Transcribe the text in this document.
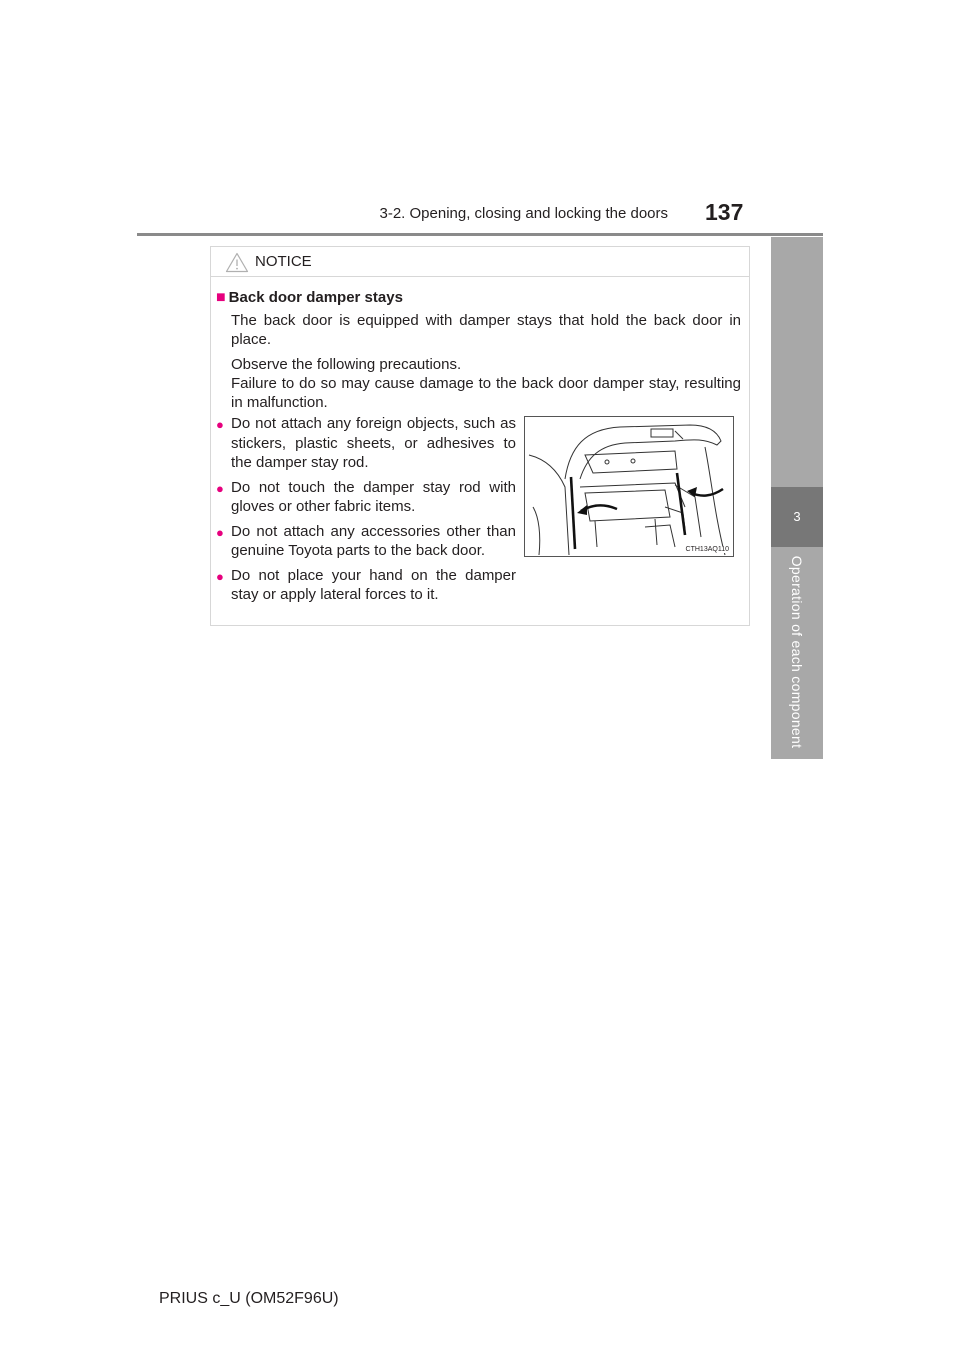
3-2. Opening, closing and locking the doors 137
3
Operation of each component
NOTICE
■ Back door damper stays
The back door is equipped with damper stays that hold the back door in place.
Observe the following precautions.
Failure to do so may cause damage to the back door damper stay, resulting in malfunction.
● Do not attach any foreign objects, such as stickers, plastic sheets, or adhesives to the damper stay rod.
● Do not touch the damper stay rod with gloves or other fabric items.
● Do not attach any accessories other than genuine Toyota parts to the back door.
● Do not place your hand on the damper stay or apply lateral forces to it.
CTH13AQ110
PRIUS c_U (OM52F96U)
